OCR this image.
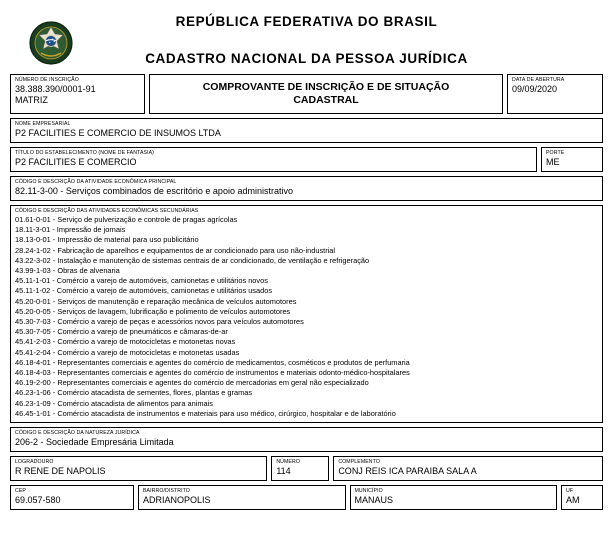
REPÚBLICA FEDERATIVA DO BRASIL
CADASTRO NACIONAL DA PESSOA JURÍDICA
NÚMERO DE INSCRIÇÃO
38.388.390/0001-91
MATRIZ
COMPROVANTE DE INSCRIÇÃO E DE SITUAÇÃO
CADASTRAL
DATA DE ABERTURA
09/09/2020
NOME EMPRESARIAL
P2 FACILITIES E COMERCIO DE INSUMOS LTDA
TÍTULO DO ESTABELECIMENTO (NOME DE FANTASIA)
P2 FACILITIES E COMERCIO
PORTE
ME
CÓDIGO E DESCRIÇÃO DA ATIVIDADE ECONÔMICA PRINCIPAL
82.11-3-00 - Serviços combinados de escritório e apoio administrativo
CÓDIGO E DESCRIÇÃO DAS ATIVIDADES ECONÔMICAS SECUNDÁRIAS
01.61-0-01 - Serviço de pulverização e controle de pragas agrícolas
18.11-3-01 - Impressão de jornais
18.13-0-01 - Impressão de material para uso publicitário
28.24-1-02 - Fabricação de aparelhos e equipamentos de ar condicionado para uso não-industrial
43.22-3-02 - Instalação e manutenção de sistemas centrais de ar condicionado, de ventilação e refrigeração
43.99-1-03 - Obras de alvenaria
45.11-1-01 - Comércio a varejo de automóveis, camionetas e utilitários novos
45.11-1-02 - Comércio a varejo de automóveis, camionetas e utilitários usados
45.20-0-01 - Serviços de manutenção e reparação mecânica de veículos automotores
45.20-0-05 - Serviços de lavagem, lubrificação e polimento de veículos automotores
45.30-7-03 - Comércio a varejo de peças e acessórios novos para veículos automotores
45.30-7-05 - Comércio a varejo de pneumáticos e câmaras-de-ar
45.41-2-03 - Comércio a varejo de motocicletas e motonetas novas
45.41-2-04 - Comércio a varejo de motocicletas e motonetas usadas
46.18-4-01 - Representantes comerciais e agentes do comércio de medicamentos, cosméticos e produtos de perfumaria
46.18-4-03 - Representantes comerciais e agentes do comércio de instrumentos e materiais odonto-médico-hospitalares
46.19-2-00 - Representantes comerciais e agentes do comércio de mercadorias em geral não especializado
46.23-1-06 - Comércio atacadista de sementes, flores, plantas e gramas
46.23-1-09 - Comércio atacadista de alimentos para animais
46.45-1-01 - Comércio atacadista de instrumentos e materiais para uso médico, cirúrgico, hospitalar e de laboratório
CÓDIGO E DESCRIÇÃO DA NATUREZA JURÍDICA
206-2 - Sociedade Empresária Limitada
LOGRADOURO
R RENE DE NAPOLIS
NÚMERO
114
COMPLEMENTO
CONJ REIS ICA PARAIBA SALA A
CEP
69.057-580
BAIRRO/DISTRITO
ADRIANOPOLIS
MUNICÍPIO
MANAUS
UF
AM
